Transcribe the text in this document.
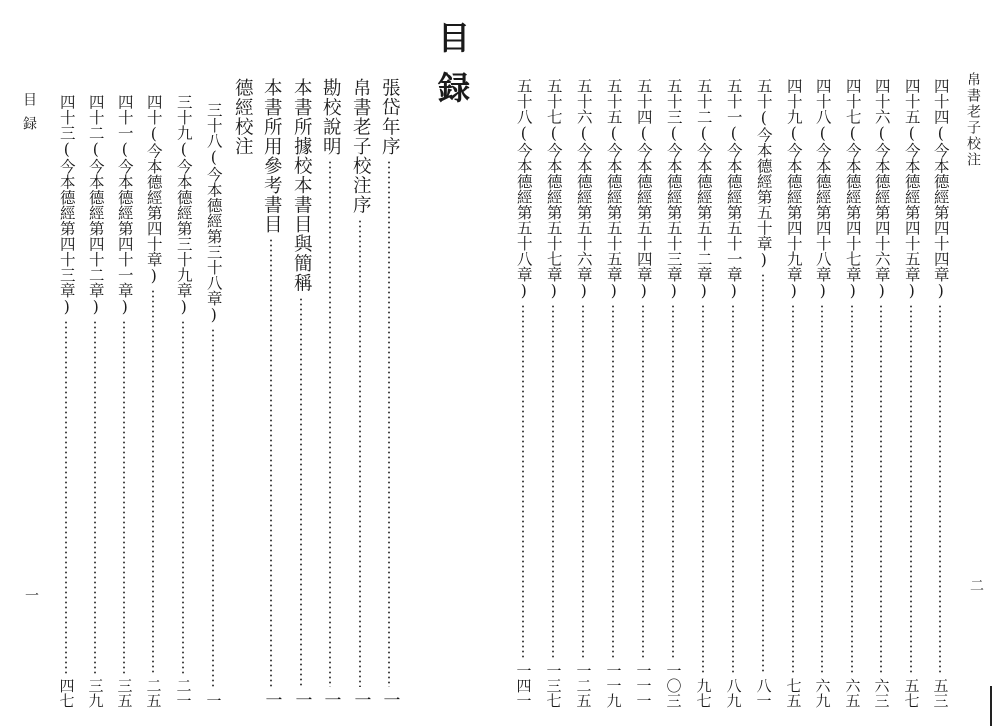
帛書老子校注
二
四十四(今本德經第四十四章)
五三
四十五(今本德經第四十五章)
五七
四十六(今本德經第四十六章)
六三
四十七(今本德經第四十七章)
六五
四十八(今本德經第四十八章)
六九
四十九(今本德經第四十九章)
七五
五十(今本德經第五十章)
八一
五十一(今本德經第五十一章)
八九
五十二(今本德經第五十二章)
九七
五十三(今本德經第五十三章)
一〇三
五十四(今本德經第五十四章)
一一一
五十五(今本德經第五十五章)
一一九
五十六(今本德經第五十六章)
一二五
五十七(今本德經第五十七章)
一三七
五十八(今本德經第五十八章)
一四一
目
録
張岱年序
一
帛書老子校注序
一
勘校說明
一
本書所據校本書目與簡稱
一
本書所用參考書目
一
德經校注
三十八(今本德經第三十八章)
一
三十九(今本德經第三十九章)
二一
四十(今本德經第四十章)
二五
四十一(今本德經第四十一章)
三五
四十二(今本德經第四十二章)
三九
四十三(今本德經第四十三章)
四七
目録
一
